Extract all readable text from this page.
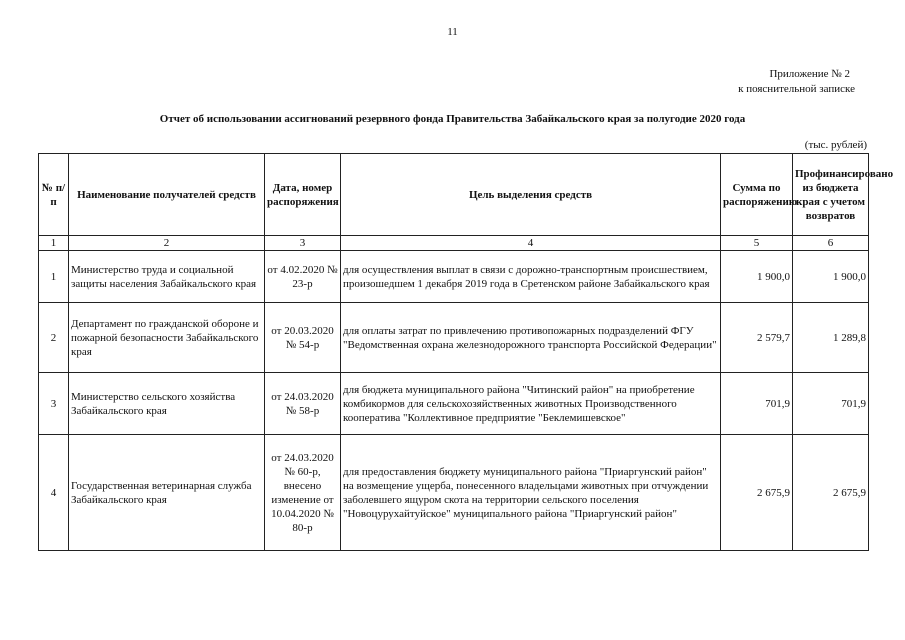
11
Приложение № 2
к пояснительной записке
Отчет об использовании ассигнований резервного фонда Правительства Забайкальского края за полугодие 2020 года
(тыс. рублей)
№ п/п	Наименование получателей средств	Дата, номер распоряжения	Цель выделения средств	Сумма по распоряжению	Профинансировано из бюджета края с учетом возвратов
1	2	3	4	5	6
1	Министерство труда и социальной защиты населения Забайкальского края	от 4.02.2020 № 23-р	для осуществления выплат в связи с дорожно-транспортным происшествием, произошедшем 1 декабря 2019 года в Сретенском районе Забайкальского края	1 900,0	1 900,0
2	Департамент по гражданской обороне и пожарной безопасности Забайкальского края	от 20.03.2020 № 54-р	для оплаты затрат по привлечению противопожарных подразделений ФГУ "Ведомственная охрана железнодорожного транспорта Российской Федерации"	2 579,7	1 289,8
3	Министерство сельского хозяйства Забайкальского края	от 24.03.2020 № 58-р	для бюджета муниципального района "Читинский район" на приобретение комбикормов для сельскохозяйственных животных Производственного кооператива "Коллективное предприятие "Беклемишевское"	701,9	701,9
4	Государственная ветеринарная служба Забайкальского края	от 24.03.2020 № 60-р, внесено изменение от 10.04.2020 № 80-р	для предоставления бюджету муниципального района "Приаргунский район" на возмещение ущерба, понесенного владельцами животных при отчуждении заболевшего ящуром скота на территории сельского поселения "Новоцурухайтуйское" муниципального района "Приаргунский район"	2 675,9	2 675,9
